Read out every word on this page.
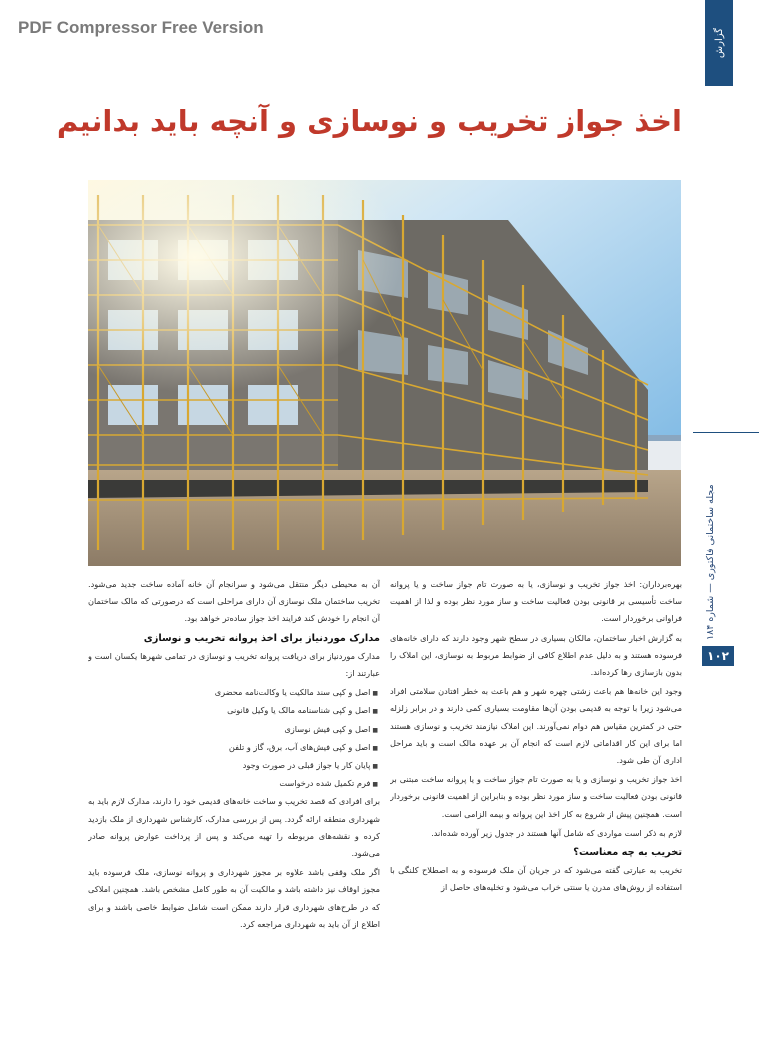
PDF Compressor Free Version
گزارش
اخذ جواز تخریب و نوسازی و آنچه باید بدانیم
مجله ساختمانی فاکتوری — شماره ۱۸۴
۱۰۲

بهره‌برداران: اخذ جواز تخریب و نوسازی، یا به صورت تام جواز ساخت و یا پروانه ساخت تأسیسی بر قانونی بودن فعالیت ساخت و ساز مورد نظر بوده و لذا از اهمیت فراوانی برخوردار است.

به گزارش اخبار ساختمان، مالکان بسیاری در سطح شهر وجود دارند که دارای خانه‌های فرسوده هستند و به دلیل عدم اطلاع کافی از ضوابط مربوط به نوسازی، این املاک را بدون بازسازی رها کرده‌اند.

وجود این خانه‌ها هم باعث زشتی چهره شهر و هم باعث به خطر افتادن سلامتی افراد می‌شود زیرا با توجه به قدیمی بودن آن‌ها مقاومت بسیاری کمی دارند و در برابر زلزله حتی در کمترین مقیاس هم دوام نمی‌آورند. این املاک نیازمند تخریب و نوسازی هستند اما برای این کار اقداماتی لازم است که انجام آن بر عهده مالک است و باید مراحل اداری آن طی شود.

اخذ جواز تخریب و نوسازی و یا به صورت تام جواز ساخت و یا پروانه ساخت مبتنی بر قانونی بودن فعالیت ساخت و ساز مورد نظر بوده و بنابراین از اهمیت قانونی برخوردار است. همچنین پیش از شروع به کار اخذ این پروانه و بیمه الزامی است.

لازم به ذکر است مواردی که شامل آنها هستند در جدول زیر آورده شده‌اند.

تخریب به چه معناست؟

تخریب به عبارتی گفته می‌شود که در جریان آن ملک فرسوده و به اصطلاح کلنگی با استفاده از روش‌های مدرن یا سنتی خراب می‌شود و تخلیه‌های حاصل از

آن به محیطی دیگر منتقل می‌شود و سرانجام آن خانه آماده ساخت جدید می‌شود. تخریب ساختمان ملک نوسازی آن دارای مراحلی است که درصورتی که مالک ساختمان آن انجام را خودش کند فرایند اخذ جواز ساده‌تر خواهد بود.

مدارک موردنیاز برای اخذ پروانه تخریب و نوسازی

مدارک موردنیاز برای دریافت پروانه تخریب و نوسازی در تمامی شهرها یکسان است و عبارتند از:

■ اصل و کپی سند مالکیت یا وکالت‌نامه محضری
■ اصل و کپی شناسنامه مالک یا وکیل قانونی
■ اصل و کپی فیش نوسازی
■ اصل و کپی فیش‌های آب، برق، گاز و تلفن
■ پایان کار یا جواز قبلی در صورت وجود
■ فرم تکمیل شده درخواست

برای افرادی که قصد تخریب و ساخت خانه‌های قدیمی خود را دارند، مدارک لازم باید به شهرداری منطقه ارائه گردد. پس از بررسی مدارک، کارشناس شهرداری از ملک بازدید کرده و نقشه‌های مربوطه را تهیه می‌کند و پس از پرداخت عوارض پروانه صادر می‌شود.

اگر ملک وقفی باشد علاوه بر مجوز شهرداری و پروانه نوسازی، ملک فرسوده باید مجوز اوقاف نیز داشته باشد و مالکیت آن به طور کامل مشخص باشد. همچنین املاکی که در طرح‌های شهرداری قرار دارند ممکن است شامل ضوابط خاصی باشند و برای اطلاع از آن باید به شهرداری مراجعه کرد.
